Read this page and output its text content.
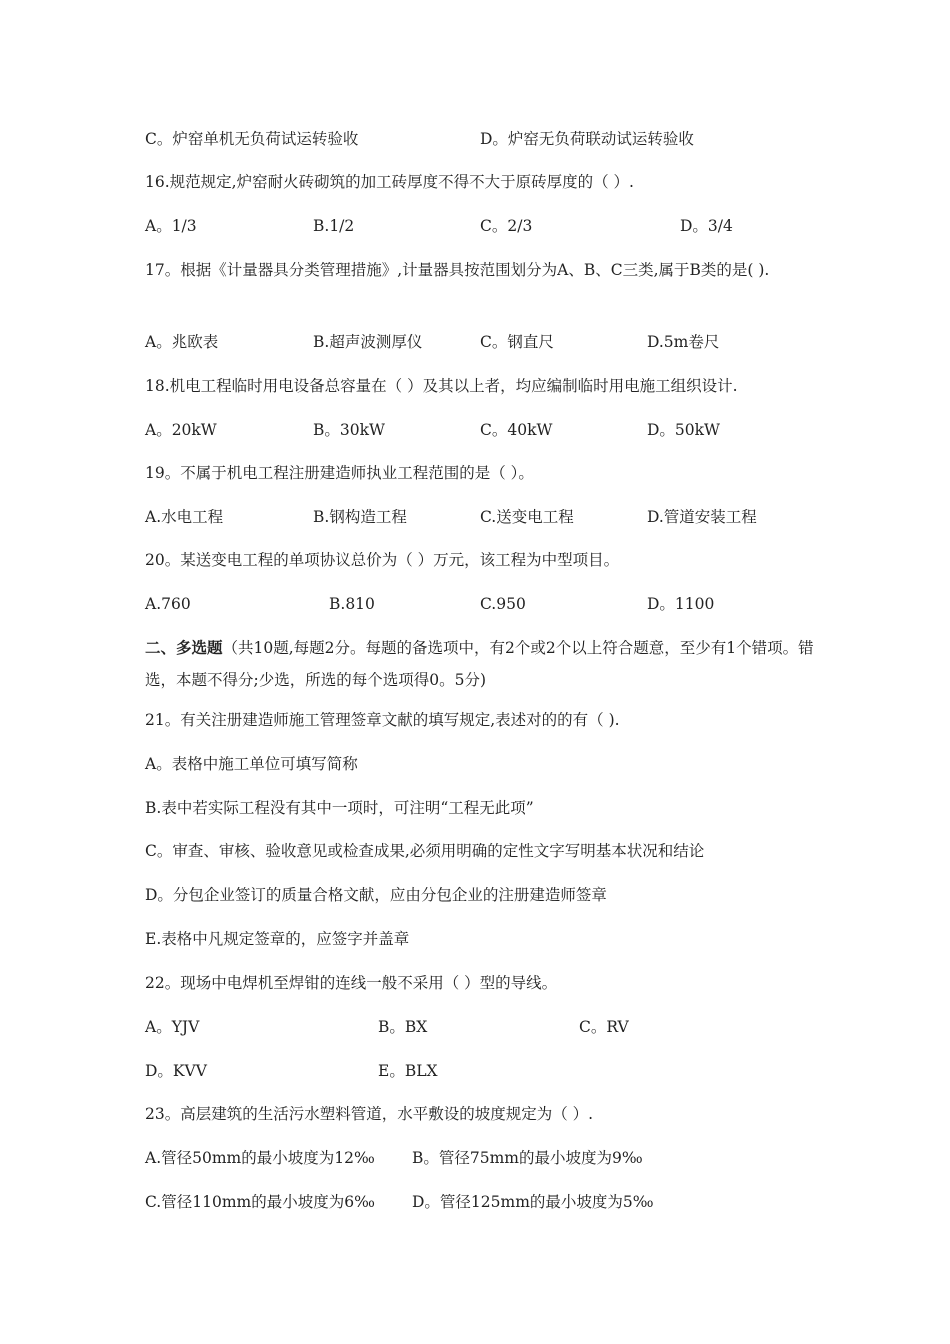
C。炉窑单机无负荷试运转验收	D。炉窑无负荷联动试运转验收
16.规范规定,炉窑耐火砖砌筑的加工砖厚度不得不大于原砖厚度的（ ）.
A。1/3	B.1/2	C。2/3	D。3/4
17。根据《计量器具分类管理措施》,计量器具按范围划分为A、B、C三类,属于B类的是( ).
A。兆欧表	B.超声波测厚仪	C。钢直尺	D.5m卷尺
18.机电工程临时用电设备总容量在（ ）及其以上者，均应编制临时用电施工组织设计.
A。20kW	B。30kW	C。40kW	D。50kW
19。不属于机电工程注册建造师执业工程范围的是（ ）。
A.水电工程	B.钢构造工程	C.送变电工程	D.管道安装工程
20。某送变电工程的单项协议总价为（ ）万元，该工程为中型项目。
A.760	B.810	C.950	D。1100
二、多选题（共10题,每题2分。每题的备选项中，有2个或2个以上符合题意，至少有1个错项。错选，本题不得分;少选，所选的每个选项得0。5分)
21。有关注册建造师施工管理签章文献的填写规定,表述对的的有（ ).
A。表格中施工单位可填写简称
B.表中若实际工程没有其中一项时，可注明“工程无此项”
C。审查、审核、验收意见或检查成果,必须用明确的定性文字写明基本状况和结论
D。分包企业签订的质量合格文献，应由分包企业的注册建造师签章
E.表格中凡规定签章的，应签字并盖章
22。现场中电焊机至焊钳的连线一般不采用（ ）型的导线。
A。YJV	B。BX	C。RV
D。KVV	E。BLX
23。高层建筑的生活污水塑料管道，水平敷设的坡度规定为（ ）.
A.管径50mm的最小坡度为12‰ B。管径75mm的最小坡度为9‰
C.管径110mm的最小坡度为6‰ D。管径125mm的最小坡度为5‰
